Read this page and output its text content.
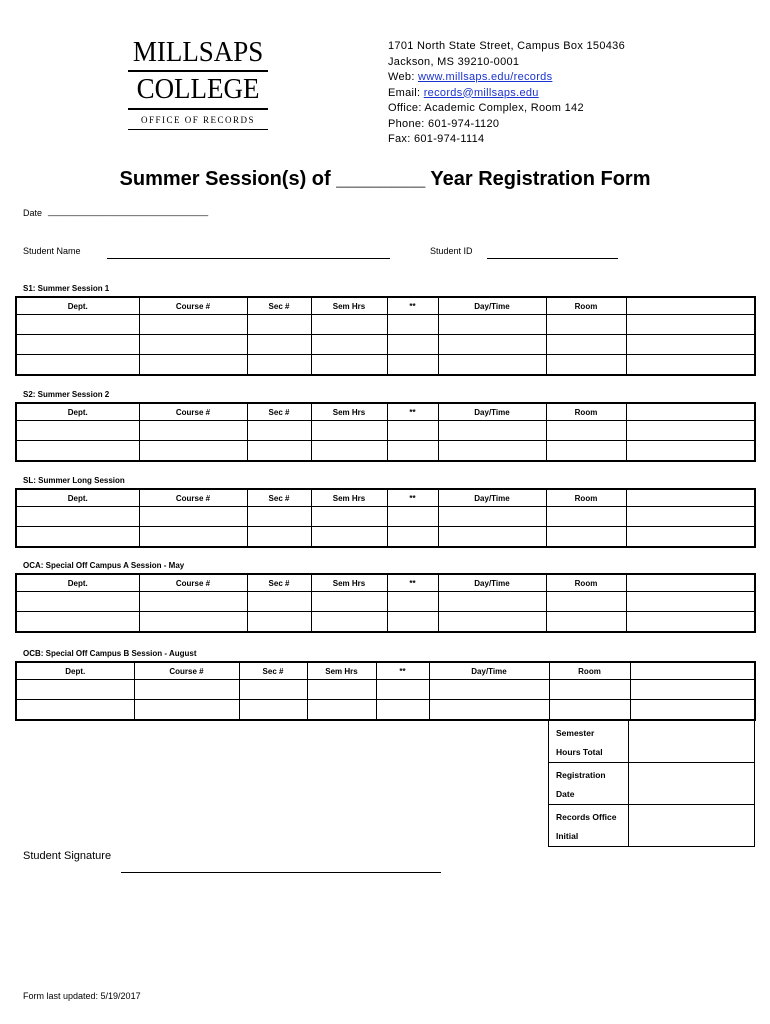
MILLSAPS
COLLEGE
OFFICE OF RECORDS
1701 North State Street, Campus Box 150436
Jackson, MS 39210-0001
Web: www.millsaps.edu/records
Email: records@millsaps.edu
Office: Academic Complex, Room 142
Phone: 601-974-1120
Fax: 601-974-1114
Summer Session(s) of ________ Year Registration Form
Date ________________________________
Student Name	Student ID
S1: Summer Session 1
Dept.	Course #	Sec #	Sem Hrs	**	Day/Time	Room	

S2: Summer Session 2
Dept.	Course #	Sec #	Sem Hrs	**	Day/Time	Room	

SL: Summer Long Session
Dept.	Course #	Sec #	Sem Hrs	**	Day/Time	Room	

OCA: Special Off Campus A Session - May
Dept.	Course #	Sec #	Sem Hrs	**	Day/Time	Room	

OCB: Special Off Campus B Session - August
Dept.	Course #	Sec #	Sem Hrs	**	Day/Time	Room	

Semester
Hours Total	
Registration
Date	
Records Office
Initial	
Student Signature
Form last updated: 5/19/2017
